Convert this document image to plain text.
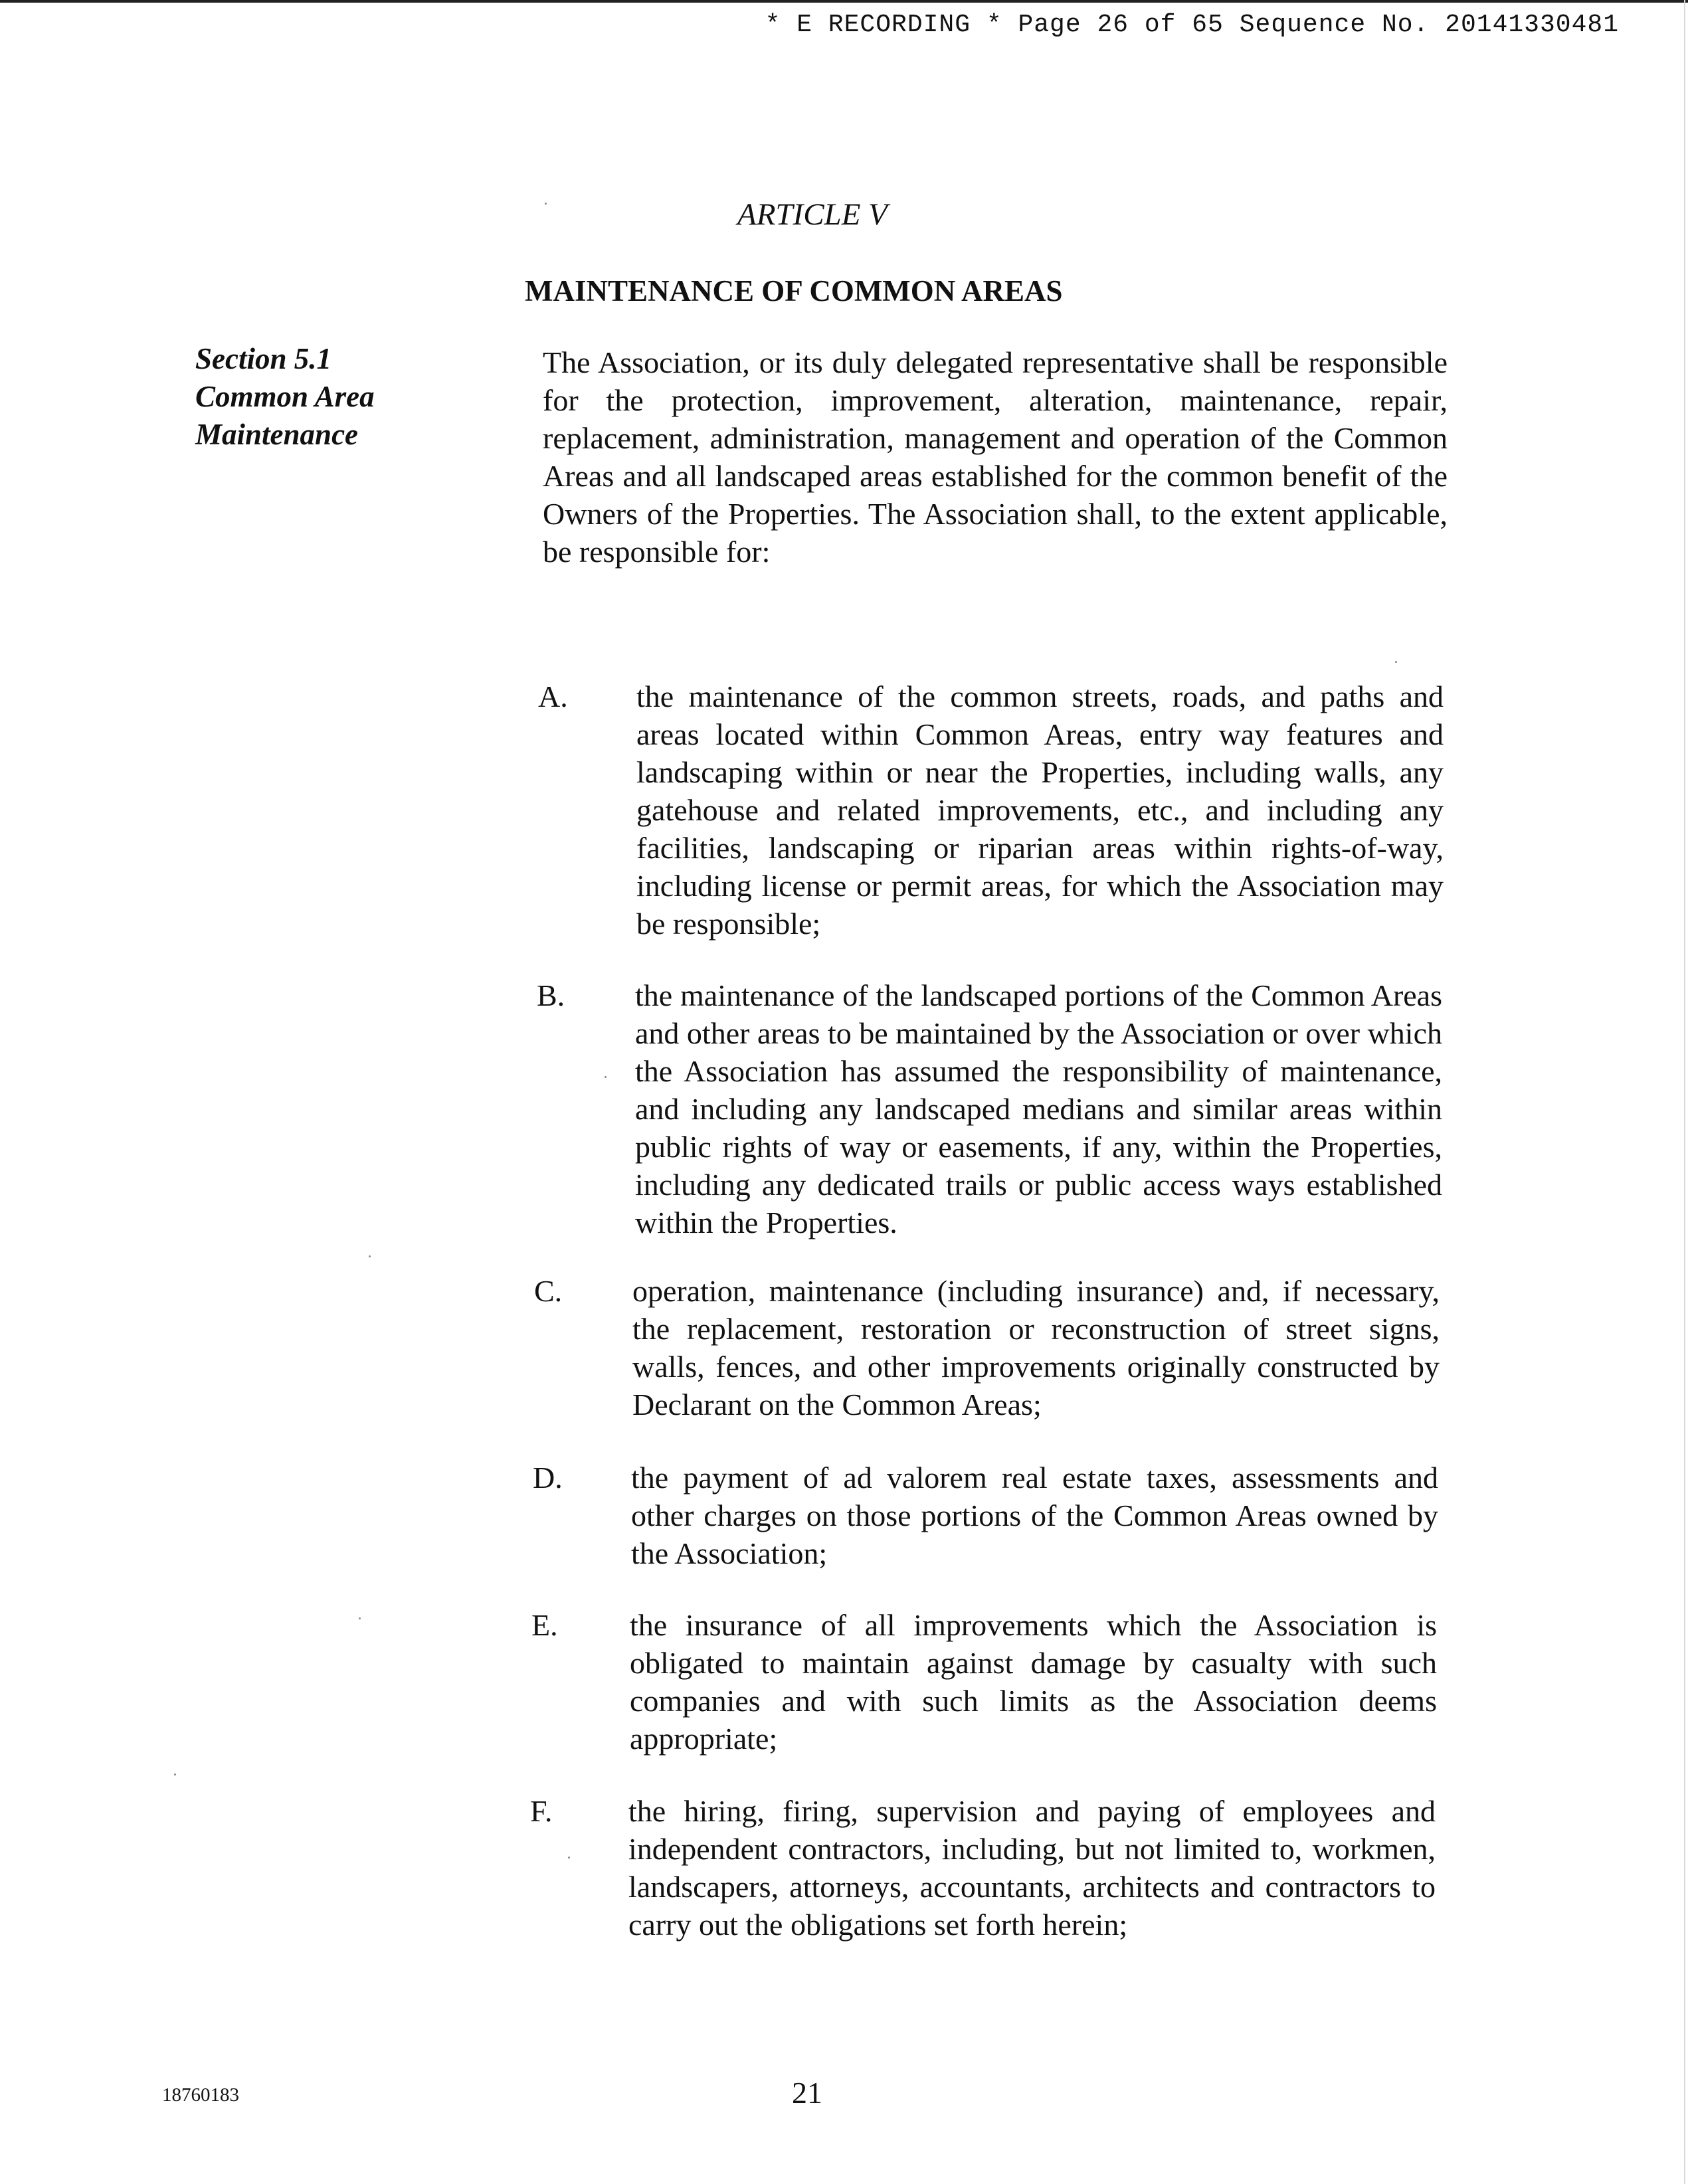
* E RECORDING * Page 26 of 65 Sequence No. 20141330481
ARTICLE V
MAINTENANCE OF COMMON AREAS
Section 5.1
Common Area
Maintenance
The Association, or its duly delegated representative shall be responsible for the protection, improvement, alteration, maintenance, repair, replacement, administration, management and operation of the Common Areas and all landscaped areas established for the common benefit of the Owners of the Properties. The Association shall, to the extent applicable, be responsible for:
A. the maintenance of the common streets, roads, and paths and areas located within Common Areas, entry way features and landscaping within or near the Properties, including walls, any gatehouse and related improvements, etc., and including any facilities, landscaping or riparian areas within rights-of-way, including license or permit areas, for which the Association may be responsible;
B. the maintenance of the landscaped portions of the Common Areas and other areas to be maintained by the Association or over which the Association has assumed the responsibility of maintenance, and including any landscaped medians and similar areas within public rights of way or easements, if any, within the Properties, including any dedicated trails or public access ways established within the Properties.
C. operation, maintenance (including insurance) and, if necessary, the replacement, restoration or reconstruction of street signs, walls, fences, and other improvements originally constructed by Declarant on the Common Areas;
D. the payment of ad valorem real estate taxes, assessments and other charges on those portions of the Common Areas owned by the Association;
E. the insurance of all improvements which the Association is obligated to maintain against damage by casualty with such companies and with such limits as the Association deems appropriate;
F. the hiring, firing, supervision and paying of employees and independent contractors, including, but not limited to, workmen, landscapers, attorneys, accountants, architects and contractors to carry out the obligations set forth herein;
18760183	21
